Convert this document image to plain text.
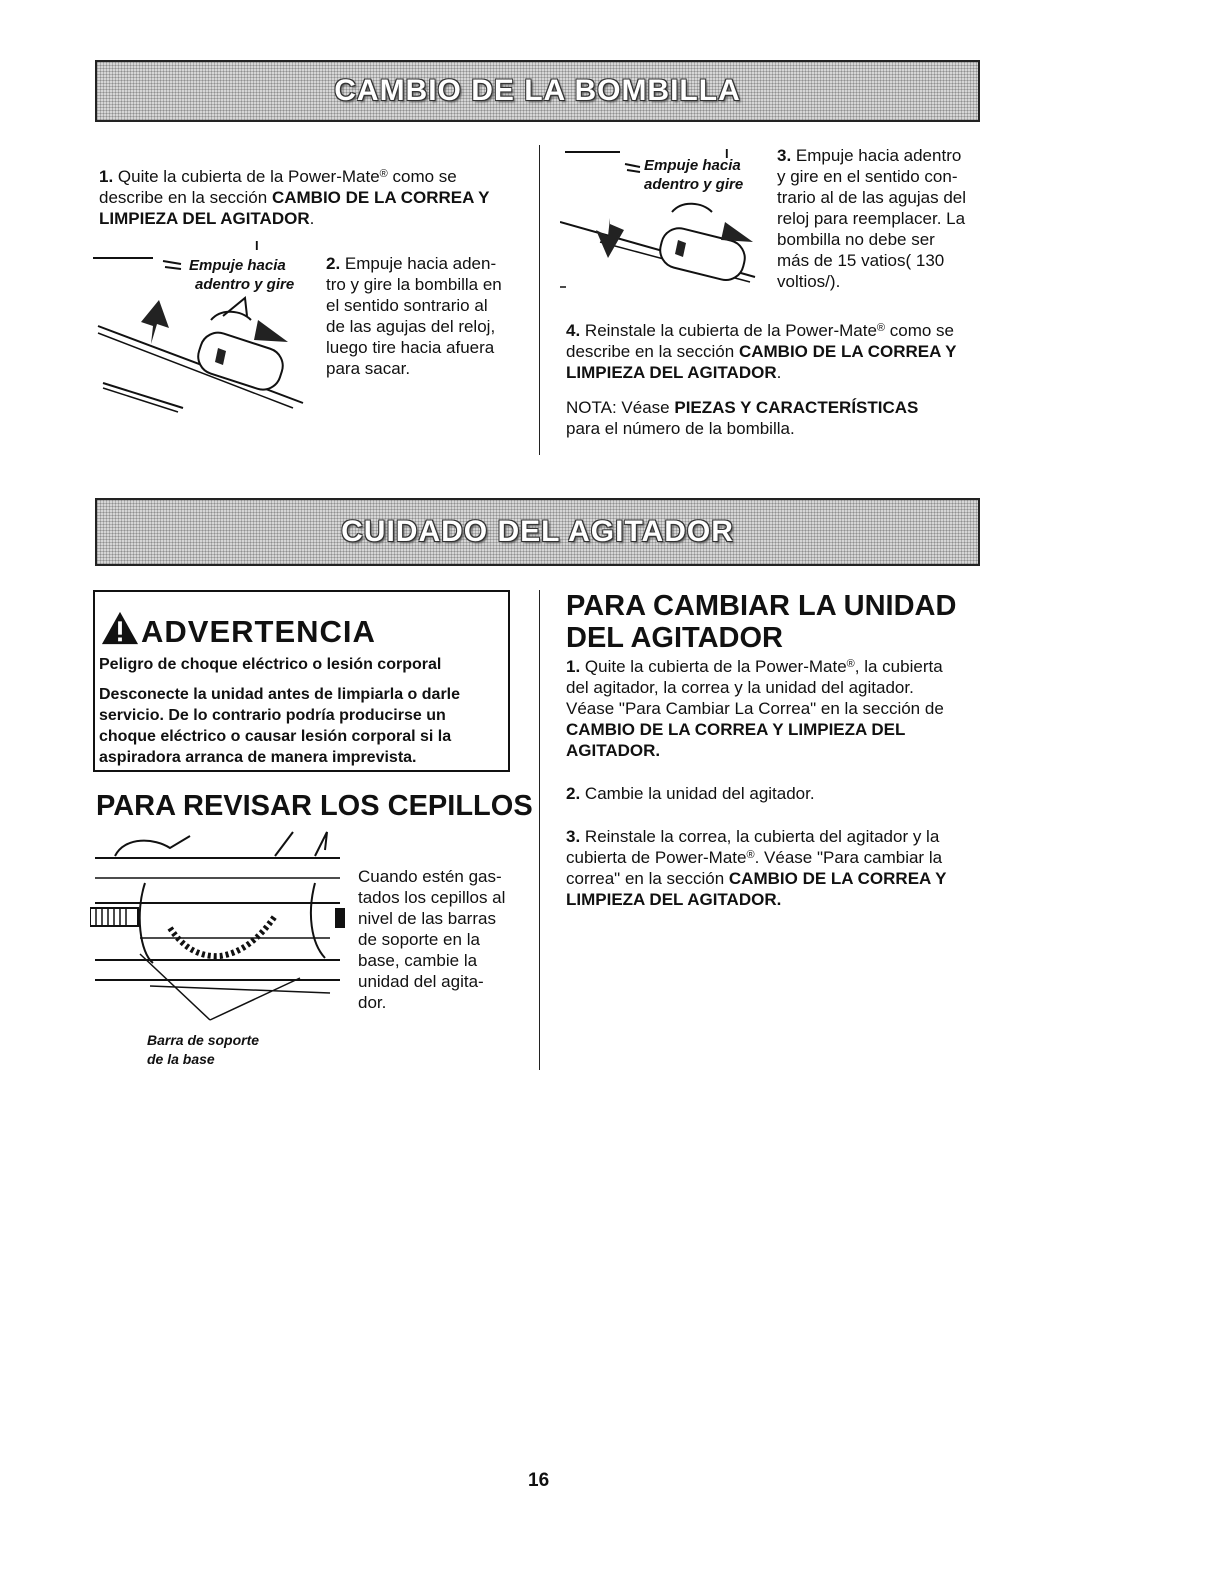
CAMBIO DE LA BOMBILLA
1. Quite la cubierta de la Power-Mate® como se
describe en la sección CAMBIO DE LA CORREA Y
LIMPIEZA DEL AGITADOR.
I
Empuje hacia
adentro y gire
2. Empuje hacia aden-
tro y gire la bombilla en
el sentido sontrario al
de las agujas del reloj,
luego tire hacia afuera
para sacar.
I
Empuje hacia
adentro y gire
3. Empuje hacia adentro
y gire en el sentido con-
trario al de las agujas del
reloj para reemplacer. La
bombilla no debe ser
más de 15 vatios( 130
voltios/).
4. Reinstale la cubierta de la Power-Mate® como se
describe en la sección CAMBIO DE LA CORREA Y
LIMPIEZA DEL AGITADOR.
NOTA: Véase PIEZAS Y CARACTERÍSTICAS
para el número de la bombilla.
CUIDADO DEL AGITADOR
ADVERTENCIA
Peligro de choque eléctrico o lesión corporal
Desconecte la unidad antes de limpiarla o darle
servicio. De lo contrario podría producirse un
choque eléctrico o causar lesión corporal si la
aspiradora arranca de manera imprevista.
PARA REVISAR LOS CEPILLOS
Barra de soporte
de la base
Cuando estén gas-
tados los cepillos al
nivel de las barras
de soporte en la
base, cambie la
unidad del agita-
dor.
PARA CAMBIAR LA UNIDAD
DEL AGITADOR
1. Quite la cubierta de la Power-Mate®, la cubierta
del agitador, la correa y la unidad del agitador.
Véase "Para Cambiar La Correa" en la sección de
CAMBIO DE LA CORREA Y LIMPIEZA DEL
AGITADOR.
2. Cambie la unidad del agitador.
3. Reinstale la correa, la cubierta del agitador y la
cubierta de Power-Mate®. Véase "Para cambiar la
correa" en la sección CAMBIO DE LA CORREA Y
LIMPIEZA DEL AGITADOR.
16
